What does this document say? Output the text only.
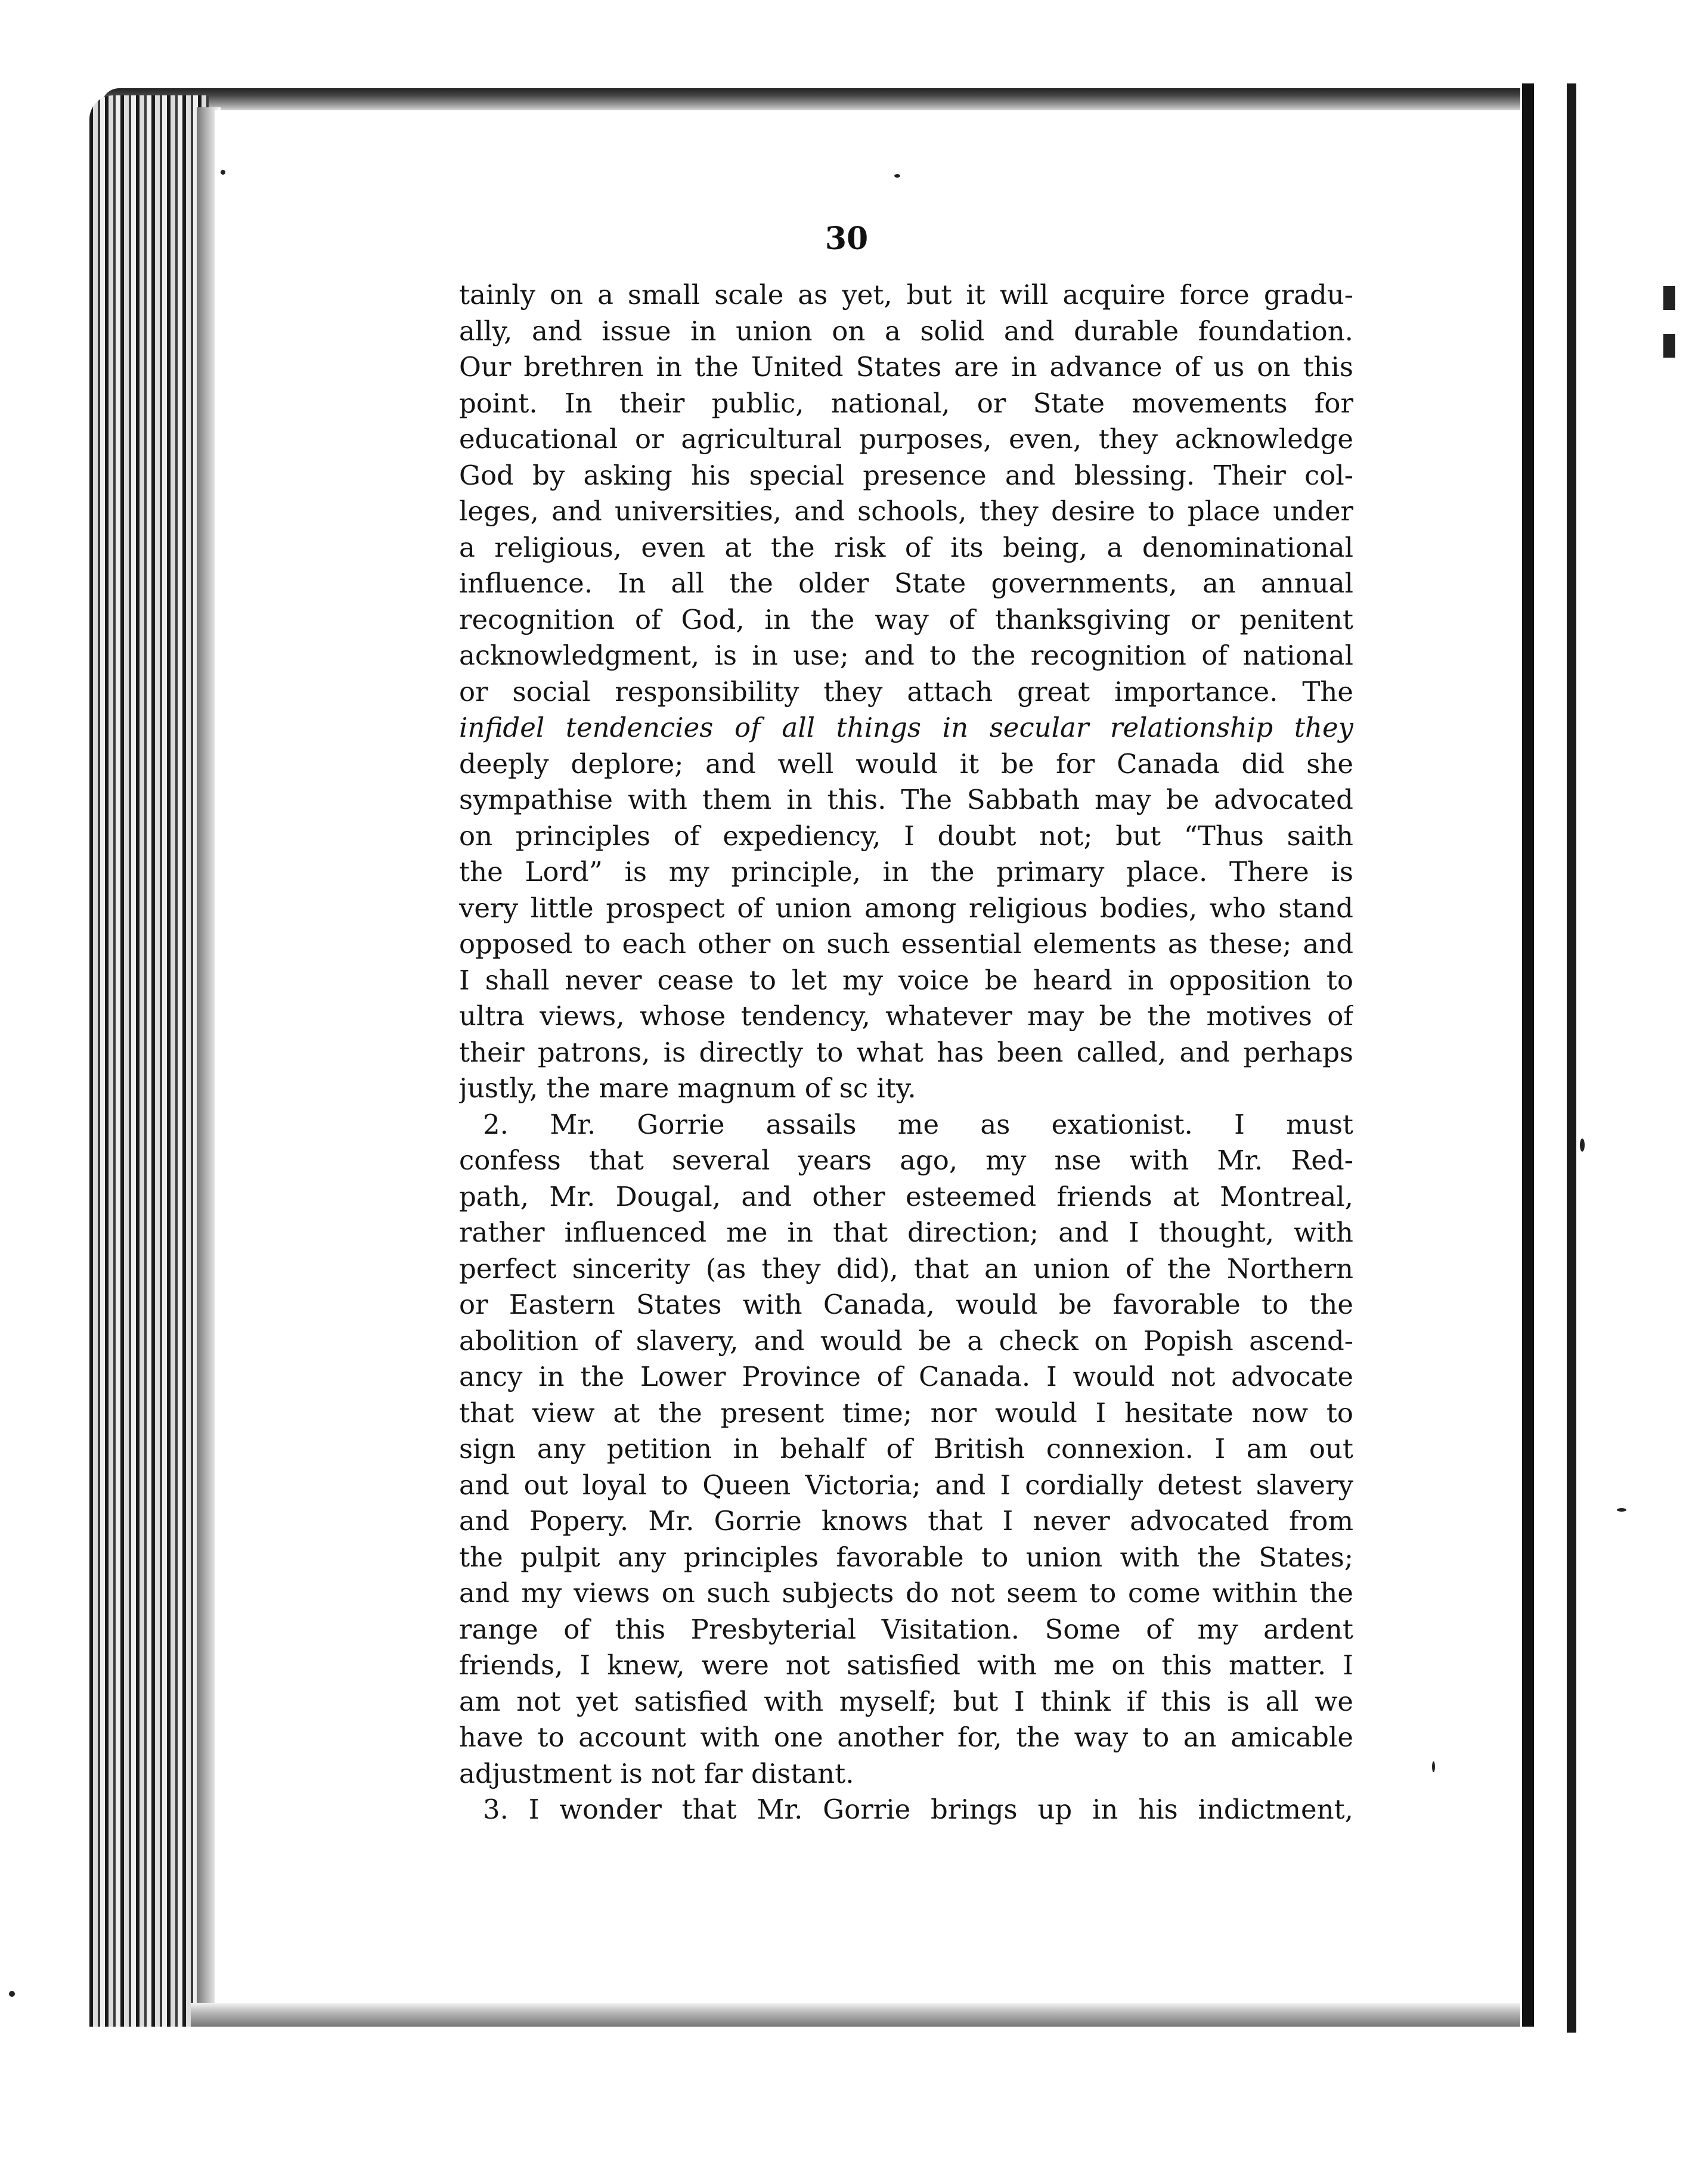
30
tainly on a small scale as yet, but it will acquire force gradu-
ally, and issue in union on a solid and durable foundation.
Our brethren in the United States are in advance of us on this
point. In their public, national, or State movements for
educational or agricultural purposes, even, they acknowledge
God by asking his special presence and blessing. Their col-
leges, and universities, and schools, they desire to place under
a religious, even at the risk of its being, a denominational
influence. In all the older State governments, an annual
recognition of God, in the way of thanksgiving or penitent
acknowledgment, is in use; and to the recognition of national
or social responsibility they attach great importance. The
infidel tendencies of all things in secular relationship they
deeply deplore; and well would it be for Canada did she
sympathise with them in this. The Sabbath may be advocated
on principles of expediency, I doubt not; but “Thus saith
the Lord” is my principle, in the primary place. There is
very little prospect of union among religious bodies, who stand
opposed to each other on such essential elements as these; and
I shall never cease to let my voice be heard in opposition to
ultra views, whose tendency, whatever may be the motives of
their patrons, is directly to what has been called, and perhaps
justly, the mare magnum of sc ity.
2. Mr. Gorrie assails me as exationist. I must
confess that several years ago, my nse with Mr. Red-
path, Mr. Dougal, and other esteemed friends at Montreal,
rather influenced me in that direction; and I thought, with
perfect sincerity (as they did), that an union of the Northern
or Eastern States with Canada, would be favorable to the
abolition of slavery, and would be a check on Popish ascend-
ancy in the Lower Province of Canada. I would not advocate
that view at the present time; nor would I hesitate now to
sign any petition in behalf of British connexion. I am out
and out loyal to Queen Victoria; and I cordially detest slavery
and Popery. Mr. Gorrie knows that I never advocated from
the pulpit any principles favorable to union with the States;
and my views on such subjects do not seem to come within the
range of this Presbyterial Visitation. Some of my ardent
friends, I knew, were not satisfied with me on this matter. I
am not yet satisfied with myself; but I think if this is all we
have to account with one another for, the way to an amicable
adjustment is not far distant.
3. I wonder that Mr. Gorrie brings up in his indictment,
